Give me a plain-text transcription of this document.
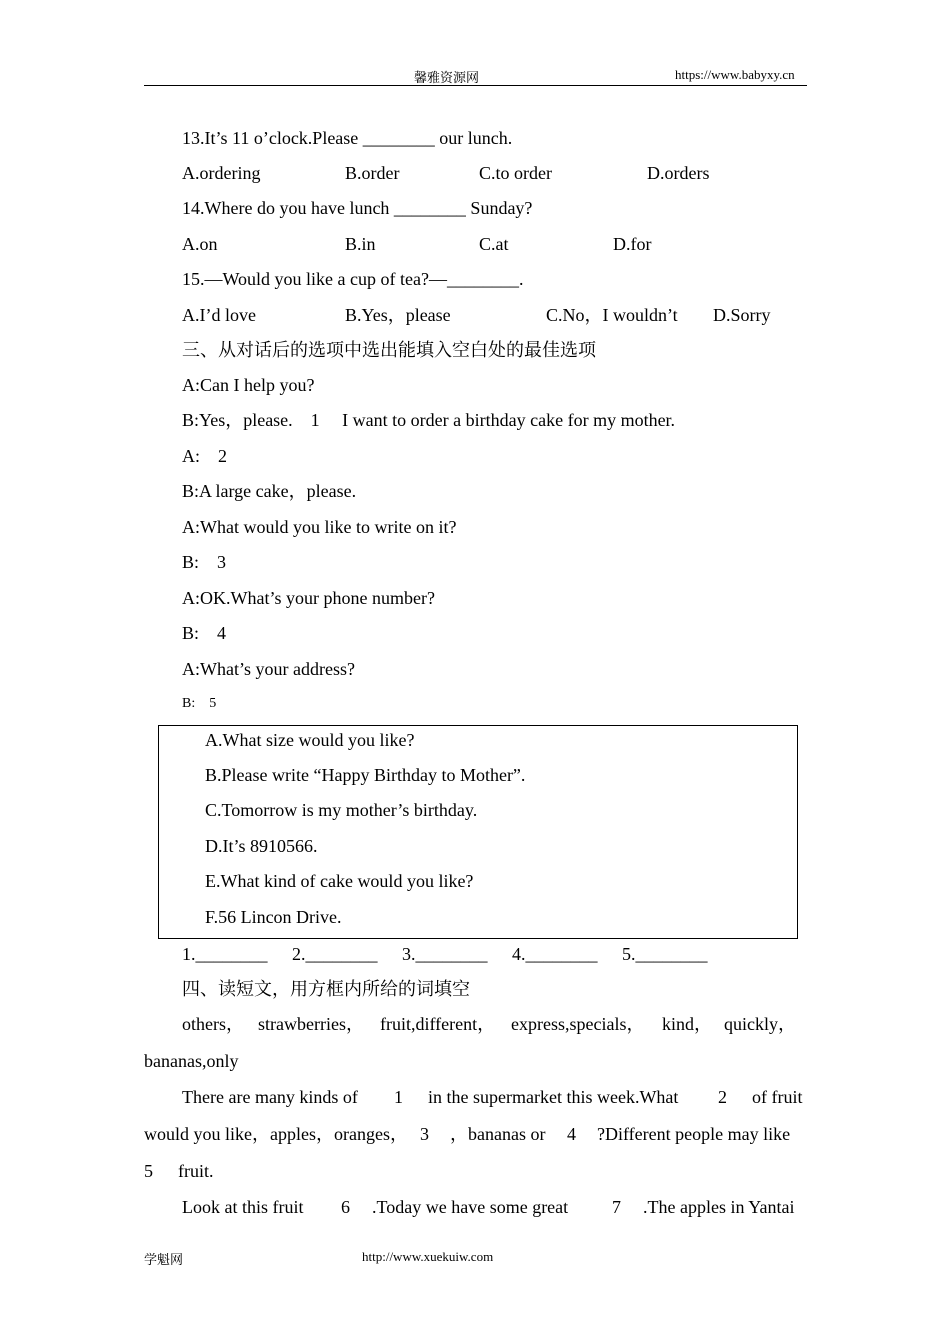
馨雅资源网	https://www.babyxy.cn
13.It’s 11 o’clock.Please ________ our lunch.
A.ordering	B.order	C.to order	D.orders
14.Where do you have lunch ________ Sunday?
A.on	B.in	C.at	D.for
15.—Would you like a cup of tea?—________.
A.I’d love	B.Yes，please	C.No，I wouldn’t D.Sorry
三、从对话后的选项中选出能填入空白处的最佳选项
A:Can I help you?
B:Yes，please.    1     I want to order a birthday cake for my mother.
A:    2
B:A large cake，please.
A:What would you like to write on it?
B:    3
A:OK.What’s your phone number?
B:    4
A:What’s your address?
B:    5
A.What size would you like?
B.Please write “Happy Birthday to Mother”.
C.Tomorrow is my mother’s birthday.
D.It’s 8910566.
E.What kind of cake would you like?
F.56 Lincon Drive.
1.________ 2.________ 3.________ 4.________ 5.________
四、读短文，用方框内所给的词填空
others， strawberries， fruit,different， express,specials， kind， quickly，
bananas,only
There are many kinds of 1 in the supermarket this week.What 2 of fruit
would you like，apples，oranges， 3 ，bananas or 4 ?Different people may like
5 fruit.
Look at this fruit 6 .Today we have some great 7 .The apples in Yantai
学魁网	http://www.xuekuiw.com
